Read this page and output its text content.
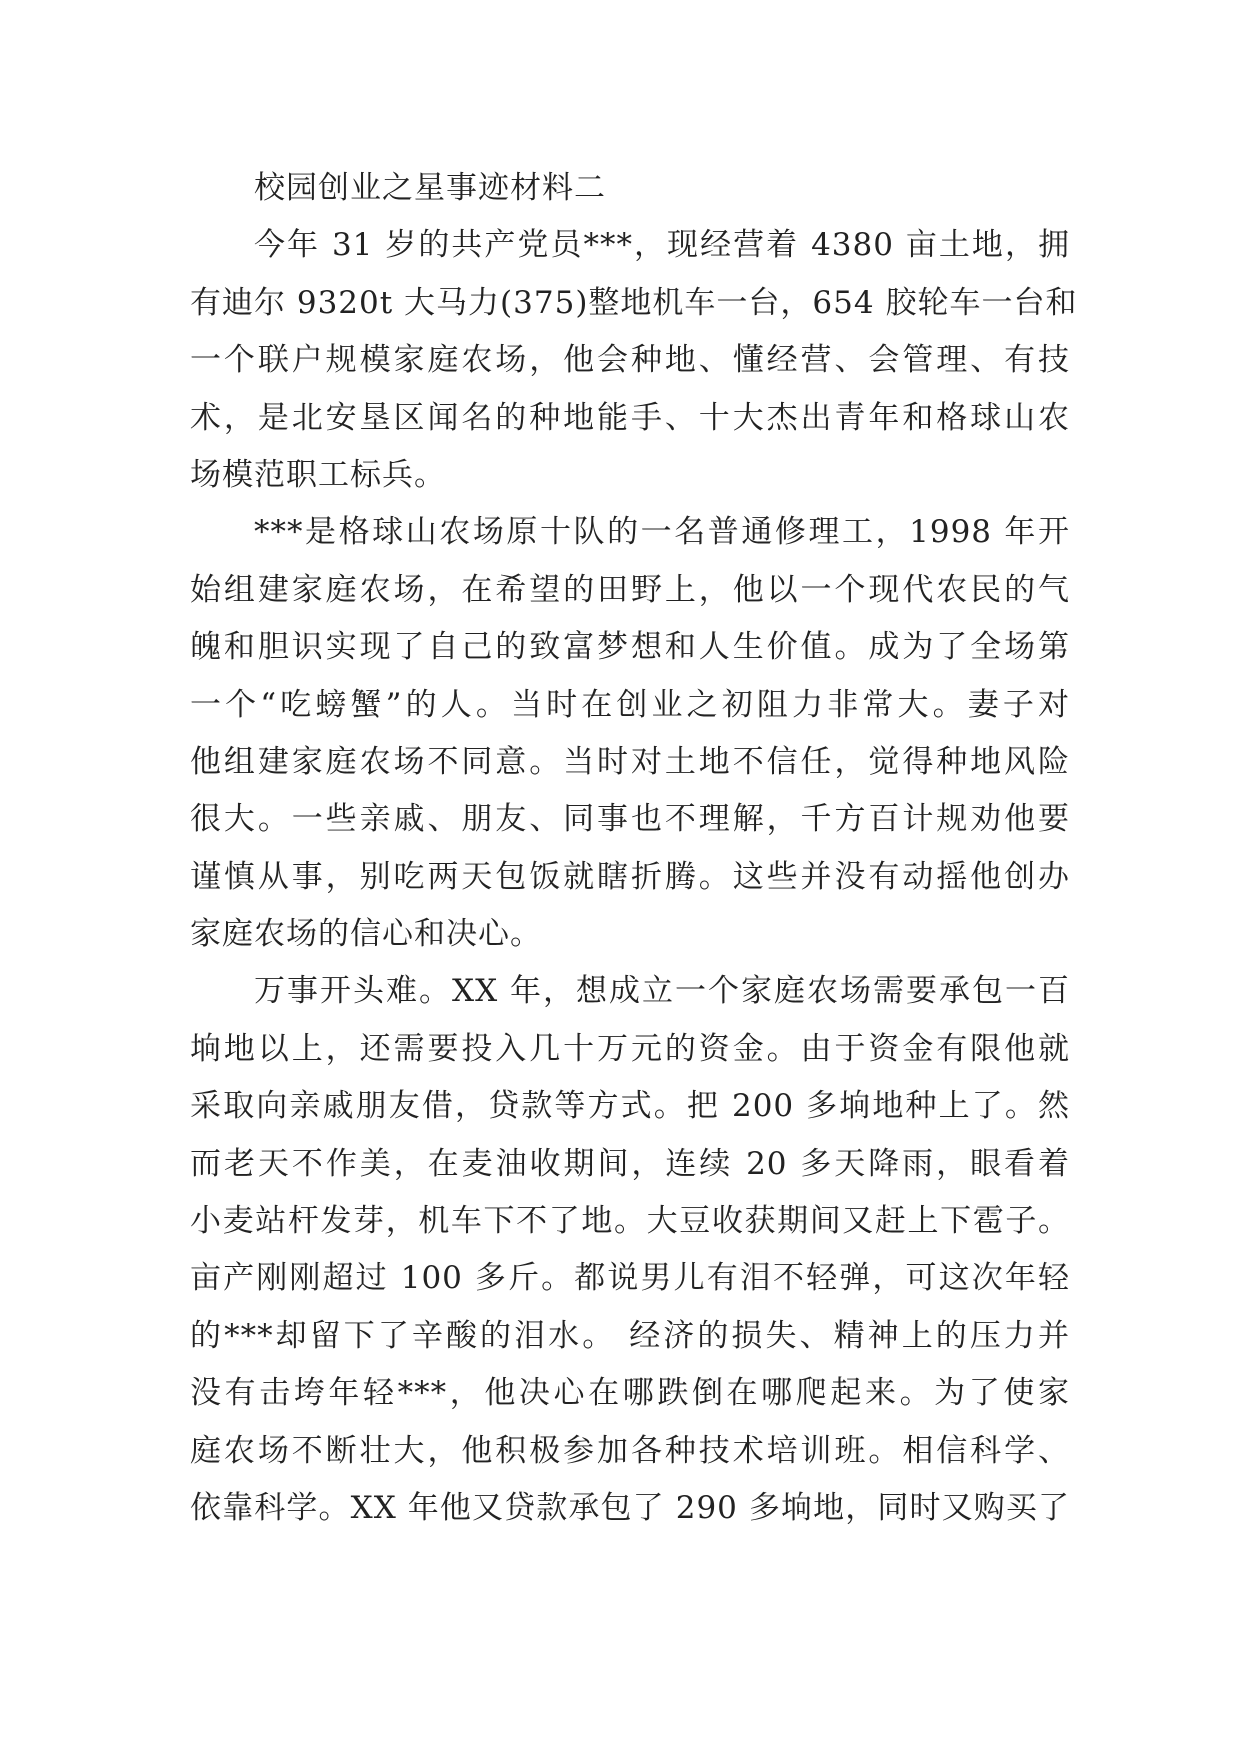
校园创业之星事迹材料二
今年 31 岁的共产党员***，现经营着 4380 亩土地，拥
有迪尔 9320t 大马力(375)整地机车一台，654 胶轮车一台和
一个联户规模家庭农场，他会种地、懂经营、会管理、有技
术，是北安垦区闻名的种地能手、十大杰出青年和格球山农
场模范职工标兵。
***是格球山农场原十队的一名普通修理工，1998 年开
始组建家庭农场，在希望的田野上，他以一个现代农民的气
魄和胆识实现了自己的致富梦想和人生价值。成为了全场第
一个“吃螃蟹”的人。当时在创业之初阻力非常大。妻子对
他组建家庭农场不同意。当时对土地不信任，觉得种地风险
很大。一些亲戚、朋友、同事也不理解，千方百计规劝他要
谨慎从事，别吃两天包饭就瞎折腾。这些并没有动摇他创办
家庭农场的信心和决心。
万事开头难。XX 年，想成立一个家庭农场需要承包一百
垧地以上，还需要投入几十万元的资金。由于资金有限他就
采取向亲戚朋友借，贷款等方式。把 200 多垧地种上了。然
而老天不作美，在麦油收期间，连续 20 多天降雨，眼看着
小麦站杆发芽，机车下不了地。大豆收获期间又赶上下雹子。
亩产刚刚超过 100 多斤。都说男儿有泪不轻弹，可这次年轻
的***却留下了辛酸的泪水。 经济的损失、精神上的压力并
没有击垮年轻***，他决心在哪跌倒在哪爬起来。为了使家
庭农场不断壮大，他积极参加各种技术培训班。相信科学、
依靠科学。XX 年他又贷款承包了 290 多垧地，同时又购买了
